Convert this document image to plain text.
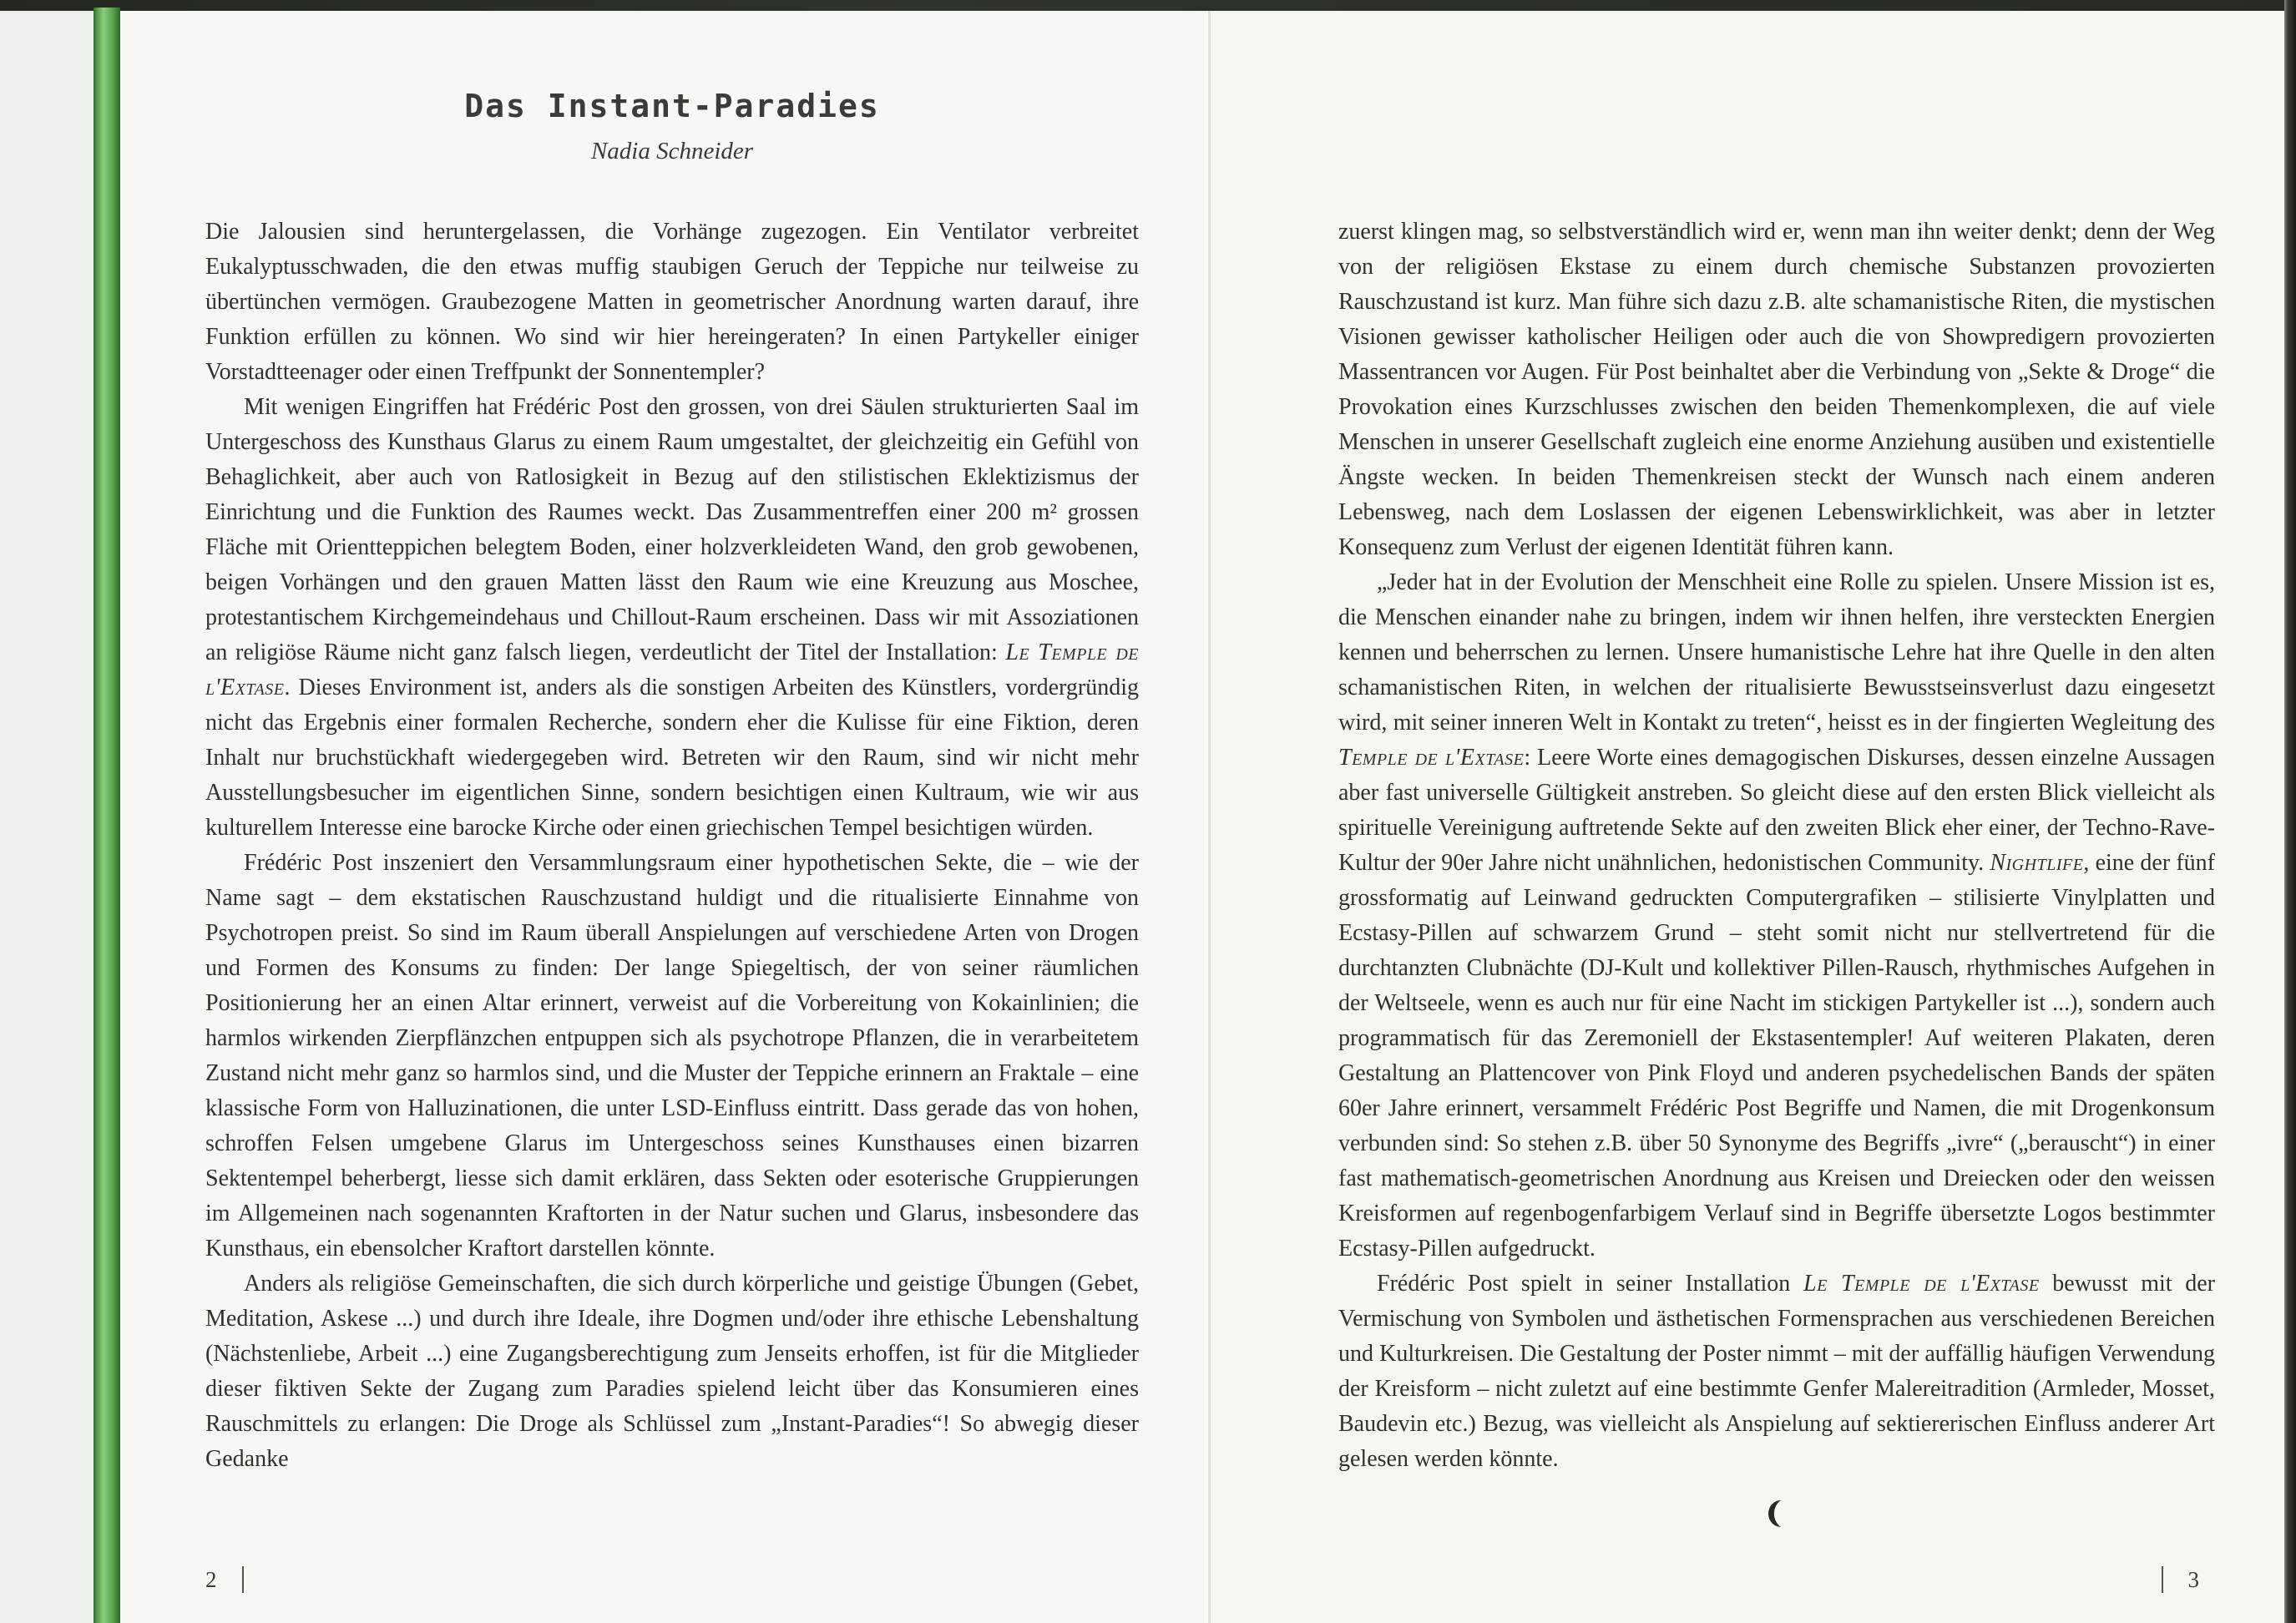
Das Instant-Paradies
Nadia Schneider

Die Jalousien sind heruntergelassen, die Vorhänge zugezogen. Ein Ventilator verbreitet Eukalyptusschwaden, die den etwas muffig staubigen Geruch der Teppiche nur teilweise zu übertünchen vermögen. Graubezogene Matten in geometrischer Anordnung warten darauf, ihre Funktion erfüllen zu können. Wo sind wir hier hereingeraten? In einen Partykeller einiger Vorstadtteenager oder einen Treffpunkt der Sonnentempler?

Mit wenigen Eingriffen hat Frédéric Post den grossen, von drei Säulen strukturierten Saal im Untergeschoss des Kunsthaus Glarus zu einem Raum umgestaltet, der gleichzeitig ein Gefühl von Behaglichkeit, aber auch von Ratlosigkeit in Bezug auf den stilistischen Eklektizismus der Einrichtung und die Funktion des Raumes weckt. Das Zusammentreffen einer 200 m² grossen Fläche mit Orientteppichen belegtem Boden, einer holzverkleideten Wand, den grob gewobenen, beigen Vorhängen und den grauen Matten lässt den Raum wie eine Kreuzung aus Moschee, protestantischem Kirchgemeindehaus und Chillout-Raum erscheinen. Dass wir mit Assoziationen an religiöse Räume nicht ganz falsch liegen, verdeutlicht der Titel der Installation: Le Temple de l'Extase. Dieses Environment ist, anders als die sonstigen Arbeiten des Künstlers, vordergründig nicht das Ergebnis einer formalen Recherche, sondern eher die Kulisse für eine Fiktion, deren Inhalt nur bruchstückhaft wiedergegeben wird. Betreten wir den Raum, sind wir nicht mehr Ausstellungsbesucher im eigentlichen Sinne, sondern besichtigen einen Kultraum, wie wir aus kulturellem Interesse eine barocke Kirche oder einen griechischen Tempel besichtigen würden.

Frédéric Post inszeniert den Versammlungsraum einer hypothetischen Sekte, die – wie der Name sagt – dem ekstatischen Rauschzustand huldigt und die ritualisierte Einnahme von Psychotropen preist. So sind im Raum überall Anspielungen auf verschiedene Arten von Drogen und Formen des Konsums zu finden: Der lange Spiegeltisch, der von seiner räumlichen Positionierung her an einen Altar erinnert, verweist auf die Vorbereitung von Kokainlinien; die harmlos wirkenden Zierpflänzchen entpuppen sich als psychotrope Pflanzen, die in verarbeitetem Zustand nicht mehr ganz so harmlos sind, und die Muster der Teppiche erinnern an Fraktale – eine klassische Form von Halluzinationen, die unter LSD-Einfluss eintritt. Dass gerade das von hohen, schroffen Felsen umgebene Glarus im Untergeschoss seines Kunsthauses einen bizarren Sektentempel beherbergt, liesse sich damit erklären, dass Sekten oder esoterische Gruppierungen im Allgemeinen nach sogenannten Kraftorten in der Natur suchen und Glarus, insbesondere das Kunsthaus, ein ebensolcher Kraftort darstellen könnte.

Anders als religiöse Gemeinschaften, die sich durch körperliche und geistige Übungen (Gebet, Meditation, Askese ...) und durch ihre Ideale, ihre Dogmen und/oder ihre ethische Lebenshaltung (Nächstenliebe, Arbeit ...) eine Zugangsberechtigung zum Jenseits erhoffen, ist für die Mitglieder dieser fiktiven Sekte der Zugang zum Paradies spielend leicht über das Konsumieren eines Rauschmittels zu erlangen: Die Droge als Schlüssel zum „Instant-Paradies“! So abwegig dieser Gedanke

2

zuerst klingen mag, so selbstverständlich wird er, wenn man ihn weiter denkt; denn der Weg von der religiösen Ekstase zu einem durch chemische Substanzen provozierten Rauschzustand ist kurz. Man führe sich dazu z.B. alte schamanistische Riten, die mystischen Visionen gewisser katholischer Heiligen oder auch die von Showpredigern provozierten Massentrancen vor Augen. Für Post beinhaltet aber die Verbindung von „Sekte & Droge“ die Provokation eines Kurzschlusses zwischen den beiden Themenkomplexen, die auf viele Menschen in unserer Gesellschaft zugleich eine enorme Anziehung ausüben und existentielle Ängste wecken. In beiden Themenkreisen steckt der Wunsch nach einem anderen Lebensweg, nach dem Loslassen der eigenen Lebenswirklichkeit, was aber in letzter Konsequenz zum Verlust der eigenen Identität führen kann.

„Jeder hat in der Evolution der Menschheit eine Rolle zu spielen. Unsere Mission ist es, die Menschen einander nahe zu bringen, indem wir ihnen helfen, ihre versteckten Energien kennen und beherrschen zu lernen. Unsere humanistische Lehre hat ihre Quelle in den alten schamanistischen Riten, in welchen der ritualisierte Bewusstseinsverlust dazu eingesetzt wird, mit seiner inneren Welt in Kontakt zu treten“, heisst es in der fingierten Wegleitung des Temple de l'Extase: Leere Worte eines demagogischen Diskurses, dessen einzelne Aussagen aber fast universelle Gültigkeit anstreben. So gleicht diese auf den ersten Blick vielleicht als spirituelle Vereinigung auftretende Sekte auf den zweiten Blick eher einer, der Techno-Rave-Kultur der 90er Jahre nicht unähnlichen, hedonistischen Community. Nightlife, eine der fünf grossformatig auf Leinwand gedruckten Computergrafiken – stilisierte Vinylplatten und Ecstasy-Pillen auf schwarzem Grund – steht somit nicht nur stellvertretend für die durchtanzten Clubnächte (DJ-Kult und kollektiver Pillen-Rausch, rhythmisches Aufgehen in der Weltseele, wenn es auch nur für eine Nacht im stickigen Partykeller ist ...), sondern auch programmatisch für das Zeremoniell der Ekstasentempler! Auf weiteren Plakaten, deren Gestaltung an Plattencover von Pink Floyd und anderen psychedelischen Bands der späten 60er Jahre erinnert, versammelt Frédéric Post Begriffe und Namen, die mit Drogenkonsum verbunden sind: So stehen z.B. über 50 Synonyme des Begriffs „ivre“ („berauscht“) in einer fast mathematisch-geometrischen Anordnung aus Kreisen und Dreiecken oder den weissen Kreisformen auf regenbogenfarbigem Verlauf sind in Begriffe übersetzte Logos bestimmter Ecstasy-Pillen aufgedruckt.

Frédéric Post spielt in seiner Installation Le Temple de l'Extase bewusst mit der Vermischung von Symbolen und ästhetischen Formensprachen aus verschiedenen Bereichen und Kulturkreisen. Die Gestaltung der Poster nimmt – mit der auffällig häufigen Verwendung der Kreisform – nicht zuletzt auf eine bestimmte Genfer Malereitradition (Armleder, Mosset, Baudevin etc.) Bezug, was vielleicht als Anspielung auf sektiererischen Einfluss anderer Art gelesen werden könnte.

3
